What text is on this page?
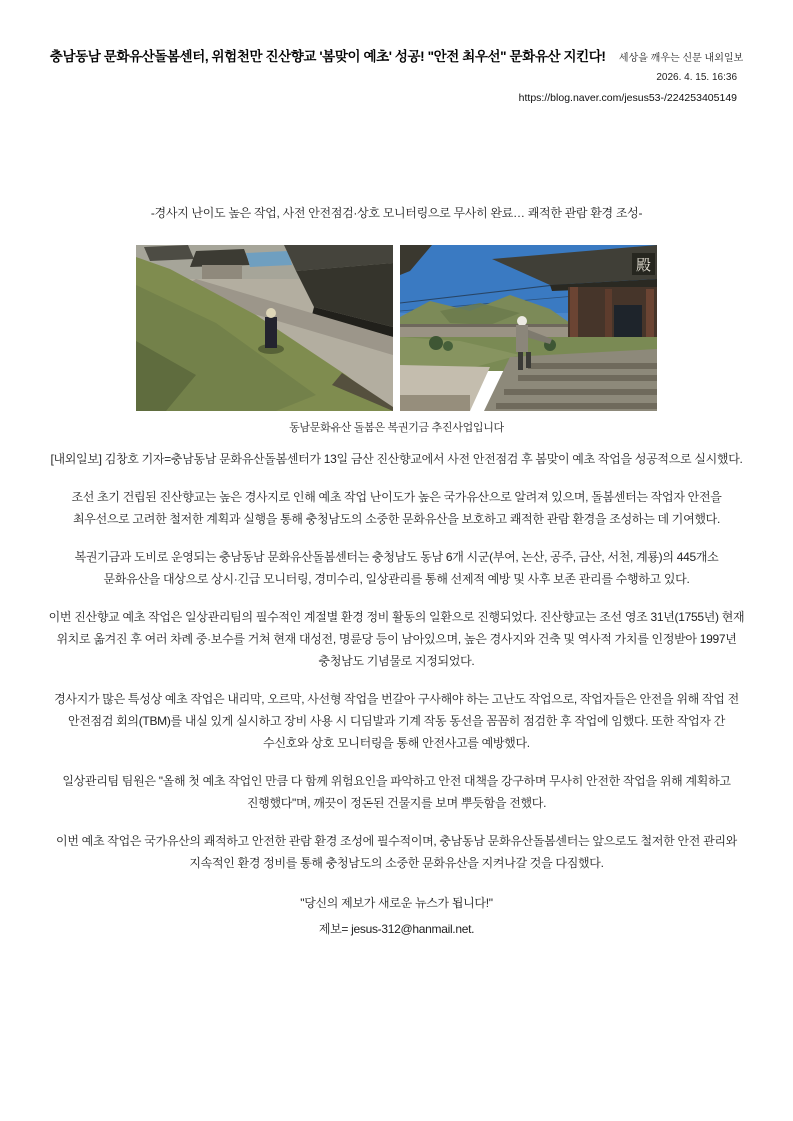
충남동남 문화유산돌봄센터, 위험천만 진산향교 '봄맞이 예초' 성공! "안전 최우선" 문화유산 지킨다! 세상을 깨우는 신문 내외일보
2026. 4. 15. 16:36
https://blog.naver.com/jesus53-/224253405149
-경사지 난이도 높은 작업, 사전 안전점검·상호 모니터링으로 무사히 완료… 쾌적한 관람 환경 조성-
殿
동남문화유산 돌봄은 복권기금 추진사업입니다

[내외일보] 김창호 기자=충남동남 문화유산돌봄센터가 13일 금산 진산향교에서 사전 안전점검 후 봄맞이 예초 작업을 성공적으로 실시했다.

조선 초기 건립된 진산향교는 높은 경사지로 인해 예초 작업 난이도가 높은 국가유산으로 알려져 있으며, 돌봄센터는 작업자 안전을 최우선으로 고려한 철저한 계획과 실행을 통해 충청남도의 소중한 문화유산을 보호하고 쾌적한 관람 환경을 조성하는 데 기여했다.

복권기금과 도비로 운영되는 충남동남 문화유산돌봄센터는 충청남도 동남 6개 시군(부여, 논산, 공주, 금산, 서천, 계룡)의 445개소 문화유산을 대상으로 상시·긴급 모니터링, 경미수리, 일상관리를 통해 선제적 예방 및 사후 보존 관리를 수행하고 있다.

이번 진산향교 예초 작업은 일상관리팀의 필수적인 계절별 환경 정비 활동의 일환으로 진행되었다. 진산향교는 조선 영조 31년(1755년) 현재 위치로 옮겨진 후 여러 차례 중·보수를 거쳐 현재 대성전, 명륜당 등이 남아있으며, 높은 경사지와 건축 및 역사적 가치를 인정받아 1997년 충청남도 기념물로 지정되었다.

경사지가 많은 특성상 예초 작업은 내리막, 오르막, 사선형 작업을 번갈아 구사해야 하는 고난도 작업으로, 작업자들은 안전을 위해 작업 전 안전점검 회의(TBM)를 내실 있게 실시하고 장비 사용 시 디딤발과 기계 작동 동선을 꼼꼼히 점검한 후 작업에 임했다. 또한 작업자 간 수신호와 상호 모니터링을 통해 안전사고를 예방했다.

일상관리팀 팀원은 "올해 첫 예초 작업인 만큼 다 함께 위험요인을 파악하고 안전 대책을 강구하며 무사히 안전한 작업을 위해 계획하고 진행했다"며, 깨끗이 정돈된 건물지를 보며 뿌듯함을 전했다.

이번 예초 작업은 국가유산의 쾌적하고 안전한 관람 환경 조성에 필수적이며, 충남동남 문화유산돌봄센터는 앞으로도 철저한 안전 관리와 지속적인 환경 정비를 통해 충청남도의 소중한 문화유산을 지켜나갈 것을 다짐했다.

"당신의 제보가 새로운 뉴스가 됩니다!"

제보= jesus-312@hanmail.net.
